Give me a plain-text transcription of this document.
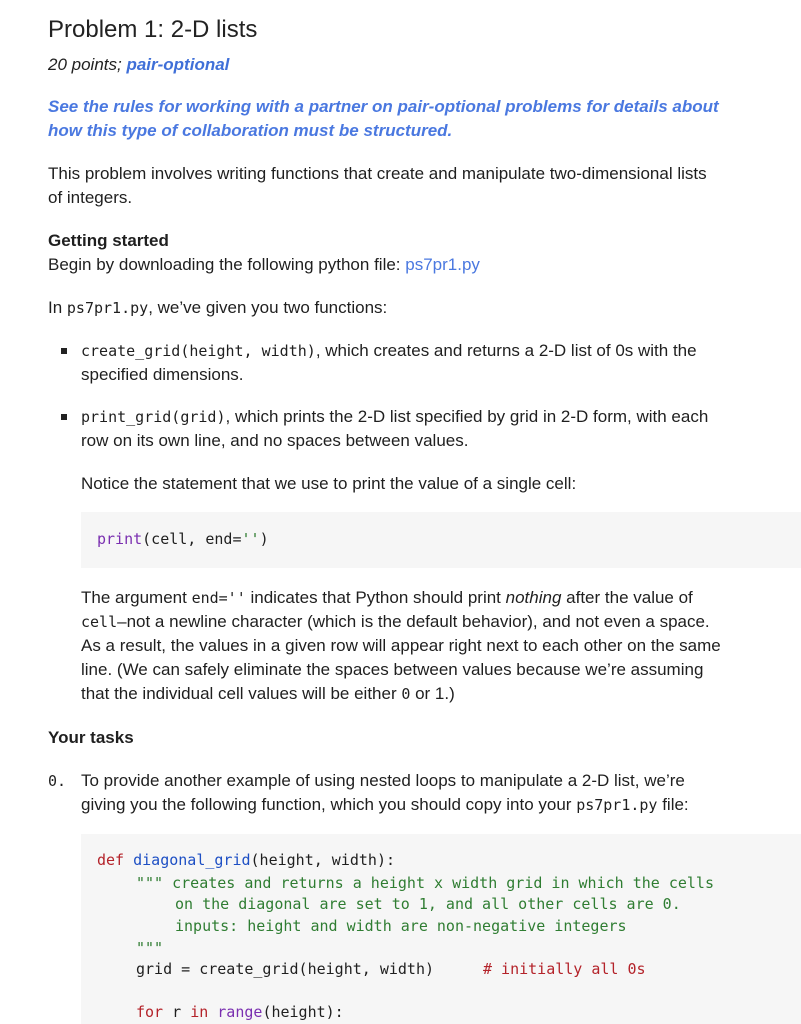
Problem 1: 2-D lists
20 points; pair-optional
See the rules for working with a partner on pair-optional problems for details about
how this type of collaboration must be structured.
This problem involves writing functions that create and manipulate two-dimensional lists
of integers.
Getting started
Begin by downloading the following python file: ps7pr1.py
In ps7pr1.py, we’ve given you two functions:
create_grid(height, width), which creates and returns a 2-D list of 0s with the
specified dimensions.
print_grid(grid), which prints the 2-D list specified by grid in 2-D form, with each
row on its own line, and no spaces between values.
Notice the statement that we use to print the value of a single cell:
print(cell, end='')
The argument end='' indicates that Python should print nothing after the value of
cell–not a newline character (which is the default behavior), and not even a space.
As a result, the values in a given row will appear right next to each other on the same
line. (We can safely eliminate the spaces between values because we’re assuming
that the individual cell values will be either 0 or 1.)
Your tasks
0. To provide another example of using nested loops to manipulate a 2-D list, we’re
giving you the following function, which you should copy into your ps7pr1.py file:
def diagonal_grid(height, width):
""" creates and returns a height x width grid in which the cells
on the diagonal are set to 1, and all other cells are 0.
inputs: height and width are non-negative integers
"""
grid = create_grid(height, width)	# initially all 0s
for r in range(height):
